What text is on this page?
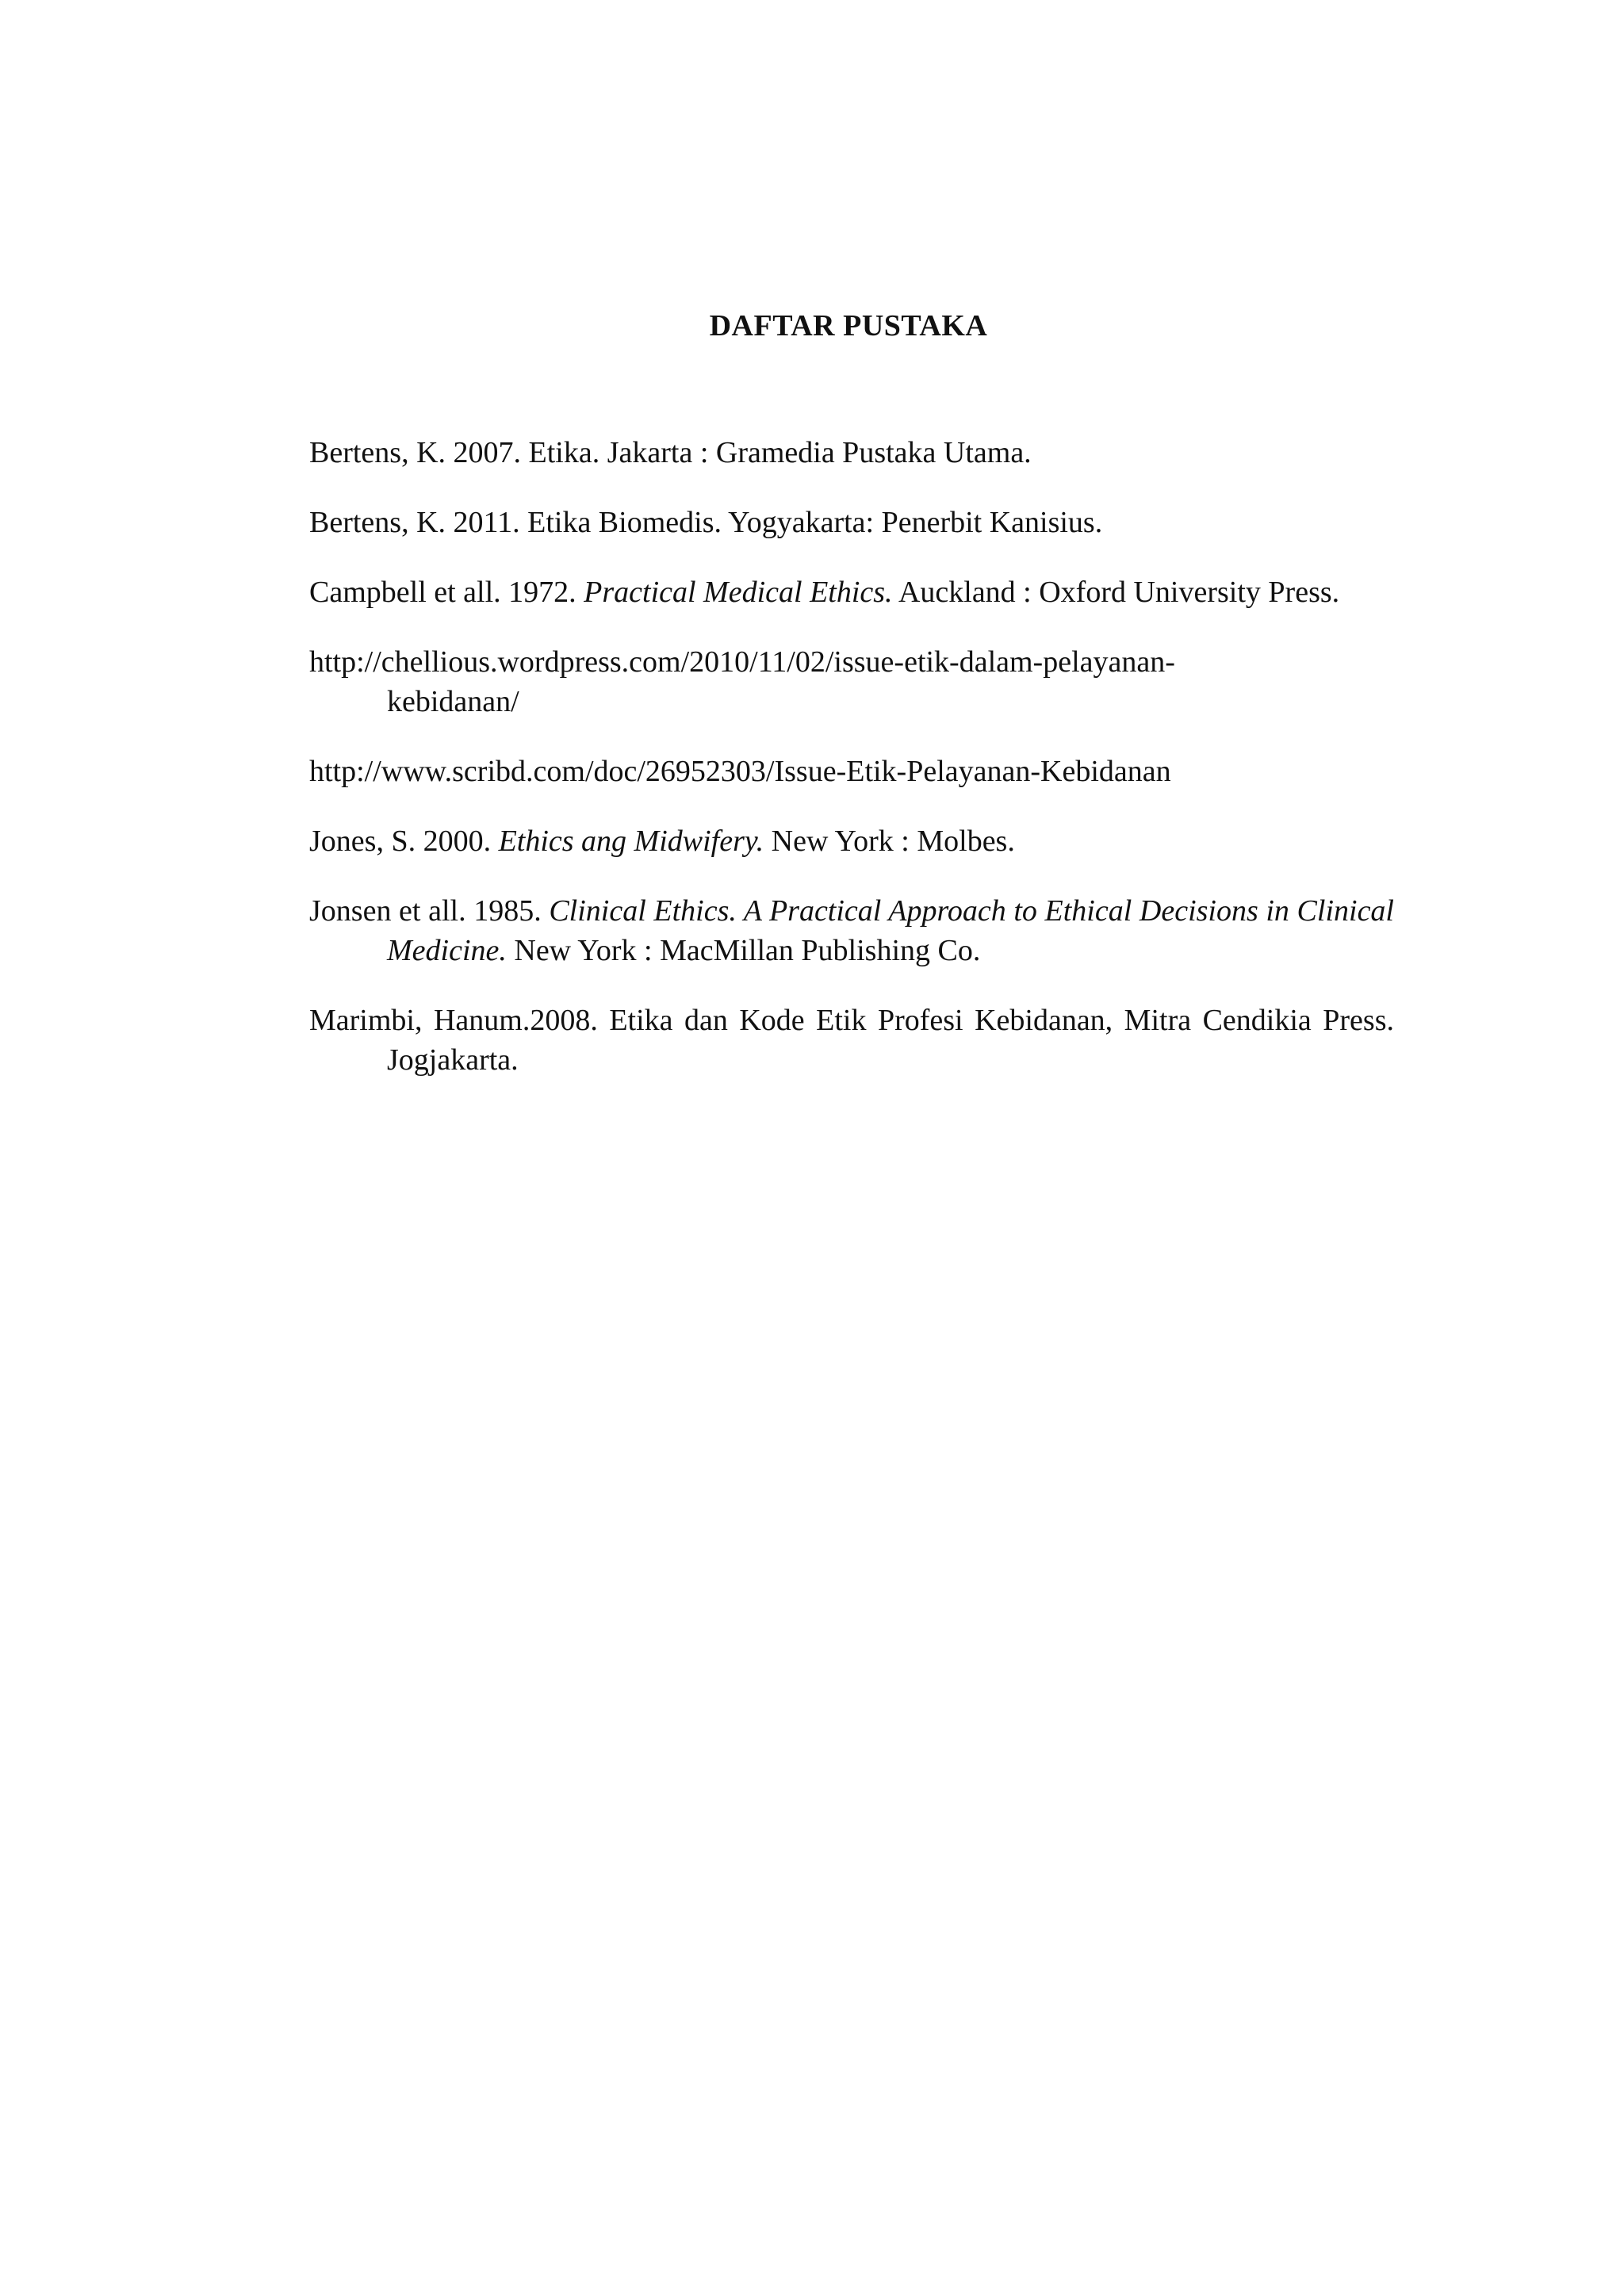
DAFTAR PUSTAKA

Bertens, K. 2007. Etika. Jakarta : Gramedia Pustaka Utama.

Bertens, K. 2011. Etika Biomedis. Yogyakarta: Penerbit Kanisius.

Campbell et all. 1972. Practical Medical Ethics. Auckland : Oxford University Press.

http://chellious.wordpress.com/2010/11/02/issue-etik-dalam-pelayanan-
kebidanan/

http://www.scribd.com/doc/26952303/Issue-Etik-Pelayanan-Kebidanan

Jones, S. 2000. Ethics ang Midwifery. New York : Molbes.

Jonsen et all. 1985. Clinical Ethics. A Practical Approach to Ethical Decisions in Clinical Medicine. New York : MacMillan Publishing Co.

Marimbi, Hanum.2008. Etika dan Kode Etik Profesi Kebidanan, Mitra Cendikia Press. Jogjakarta.
